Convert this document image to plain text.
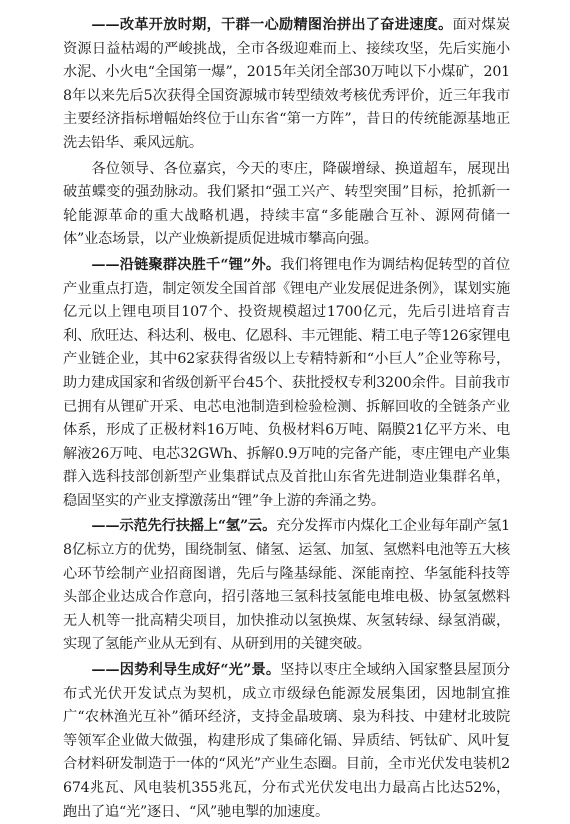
——改革开放时期，干群一心励精图治拼出了奋进速度。面对煤炭资源日益枯竭的严峻挑战，全市各级迎难而上、接续攻坚，先后实施小水泥、小火电“全国第一爆”，2015年关闭全部30万吨以下小煤矿，2018年以来先后5次获得全国资源城市转型绩效考核优秀评价，近三年我市主要经济指标增幅始终位于山东省“第一方阵”，昔日的传统能源基地正洗去铅华、乘风远航。

各位领导、各位嘉宾，今天的枣庄，降碳增绿、换道超车，展现出破茧蝶变的强劲脉动。我们紧扣“强工兴产、转型突围”目标，抢抓新一轮能源革命的重大战略机遇，持续丰富“多能融合互补、源网荷储一体”业态场景，以产业焕新提质促进城市攀高向强。

——沿链聚群决胜千“锂”外。我们将锂电作为调结构促转型的首位产业重点打造，制定领发全国首部《锂电产业发展促进条例》，谋划实施亿元以上锂电项目107个、投资规模超过1700亿元，先后引进培育吉利、欣旺达、科达利、极电、亿恩科、丰元锂能、精工电子等126家锂电产业链企业，其中62家获得省级以上专精特新和“小巨人”企业等称号，助力建成国家和省级创新平台45个、获批授权专利3200余件。目前我市已拥有从锂矿开采、电芯电池制造到检验检测、拆解回收的全链条产业体系，形成了正极材料16万吨、负极材料6万吨、隔膜21亿平方米、电解液26万吨、电芯32GWh、拆解0.9万吨的完备产能，枣庄锂电产业集群入选科技部创新型产业集群试点及首批山东省先进制造业集群名单，稳固坚实的产业支撑激荡出“锂”争上游的奔涌之势。

——示范先行扶摇上“氢”云。充分发挥市内煤化工企业每年副产氢18亿标立方的优势，围绕制氢、储氢、运氢、加氢、氢燃料电池等五大核心环节绘制产业招商图谱，先后与隆基绿能、深能南控、华氢能科技等头部企业达成合作意向，招引落地三氢科技氢能电堆电极、协氢氢燃料无人机等一批高精尖项目，加快推动以氢换煤、灰氢转绿、绿氢消碳，实现了氢能产业从无到有、从研到用的关键突破。

——因势利导生成好“光”景。坚持以枣庄全域纳入国家整县屋顶分布式光伏开发试点为契机，成立市级绿色能源发展集团，因地制宜推广“农林渔光互补”循环经济，支持金晶玻璃、泉为科技、中建材北玻院等领军企业做大做强，构建形成了集碲化镉、异质结、钙钛矿、风叶复合材料研发制造于一体的“风光”产业生态圈。目前，全市光伏发电装机2674兆瓦、风电装机355兆瓦，分布式光伏发电出力最高占比达52%，跑出了追“光”逐日、“风”驰电掣的加速度。
